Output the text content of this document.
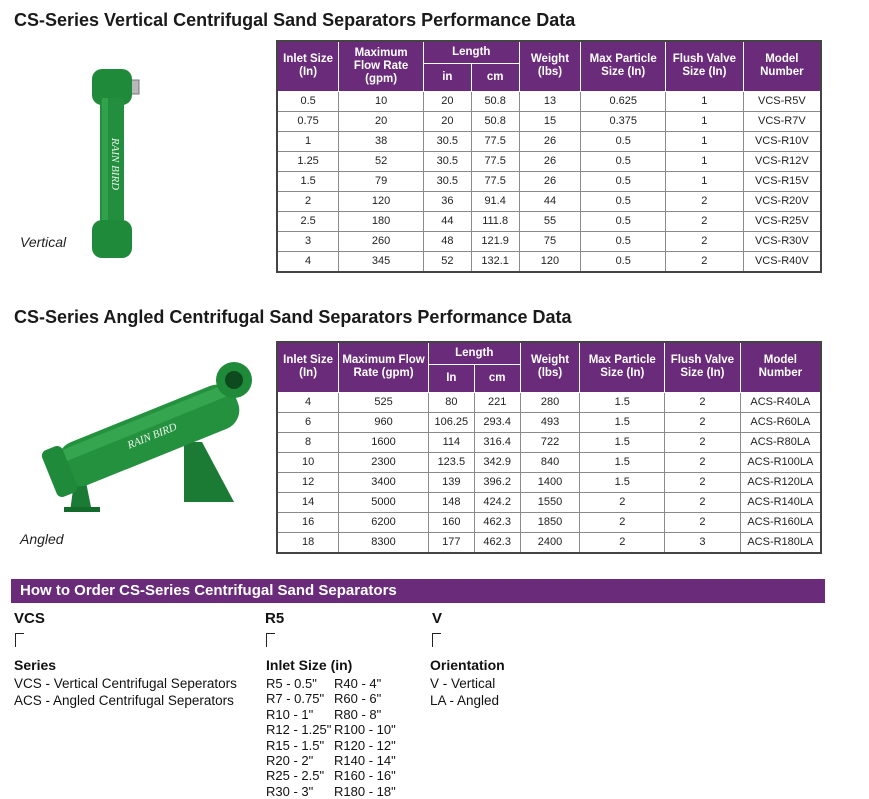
CS-Series Vertical Centrifugal Sand Separators Performance Data
RAIN BIRD
Vertical
Inlet Size (In)	Maximum Flow Rate (gpm)	Length		Weight (lbs)	Max Particle Size (In)	Flush Valve Size (In)	Model Number
		in	cm				
0.5	10	20	50.8	13	0.625	1	VCS-R5V
0.75	20	20	50.8	15	0.375	1	VCS-R7V
1	38	30.5	77.5	26	0.5	1	VCS-R10V
1.25	52	30.5	77.5	26	0.5	1	VCS-R12V
1.5	79	30.5	77.5	26	0.5	1	VCS-R15V
2	120	36	91.4	44	0.5	2	VCS-R20V
2.5	180	44	111.8	55	0.5	2	VCS-R25V
3	260	48	121.9	75	0.5	2	VCS-R30V
4	345	52	132.1	120	0.5	2	VCS-R40V
CS-Series Angled Centrifugal Sand Separators Performance Data
RAIN BIRD
Angled
Inlet Size (In)	Maximum Flow Rate (gpm)	Length		Weight (lbs)	Max Particle Size (In)	Flush Valve Size (In)	Model Number
		In	cm				
4	525	80	221	280	1.5	2	ACS-R40LA
6	960	106.25	293.4	493	1.5	2	ACS-R60LA
8	1600	114	316.4	722	1.5	2	ACS-R80LA
10	2300	123.5	342.9	840	1.5	2	ACS-R100LA
12	3400	139	396.2	1400	1.5	2	ACS-R120LA
14	5000	148	424.2	1550	2	2	ACS-R140LA
16	6200	160	462.3	1850	2	2	ACS-R160LA
18	8300	177	462.3	2400	2	3	ACS-R180LA
How to Order CS-Series Centrifugal Sand Separators
VCS
Series
VCS - Vertical Centrifugal Seperators
ACS - Angled Centrifugal Seperators
R5
Inlet Size (in)
R5 - 0.5"	R40 - 4"
R7 - 0.75" R60 - 6"
R10 - 1"	R80 - 8"
R12 - 1.25" R100 - 10"
R15 - 1.5" R120 - 12"
R20 - 2"	R140 - 14"
R25 - 2.5" R160 - 16"
R30 - 3"	R180 - 18"
V
Orientation
V - Vertical
LA - Angled
